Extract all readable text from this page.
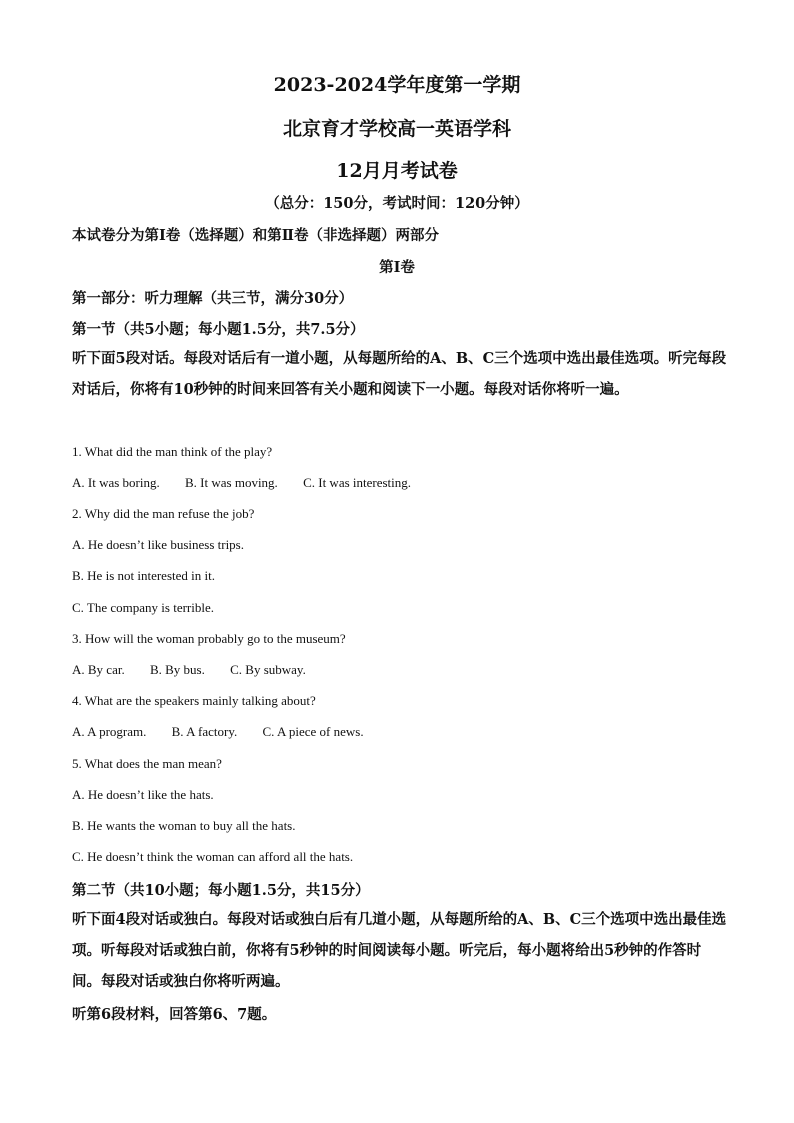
2023-2024学年度第一学期
北京育才学校高一英语学科
12月月考试卷
（总分：150分，考试时间：120分钟）
本试卷分为第Ⅰ卷（选择题）和第Ⅱ卷（非选择题）两部分
第Ⅰ卷
第一部分：听力理解（共三节，满分30分）
第一节（共5小题；每小题1.5分，共7.5分）
听下面5段对话。每段对话后有一道小题，从每题所给的A、B、C三个选项中选出最佳选项。听完每段对话后，你将有10秒钟的时间来回答有关小题和阅读下一小题。每段对话你将听一遍。
1. What did the man think of the play?
A. It was boring. B. It was moving. C. It was interesting.
2. Why did the man refuse the job?
A. He doesn’t like business trips.
B. He is not interested in it.
C. The company is terrible.
3. How will the woman probably go to the museum?
A. By car. B. By bus. C. By subway.
4. What are the speakers mainly talking about?
A. A program. B. A factory. C. A piece of news.
5. What does the man mean?
A. He doesn’t like the hats.
B. He wants the woman to buy all the hats.
C. He doesn’t think the woman can afford all the hats.
第二节（共10小题；每小题1.5分，共15分）
听下面4段对话或独白。每段对话或独白后有几道小题，从每题所给的A、B、C三个选项中选出最佳选项。听每段对话或独白前，你将有5秒钟的时间阅读每小题。听完后，每小题将给出5秒钟的作答时间。每段对话或独白你将听两遍。
听第6段材料，回答第6、7题。
